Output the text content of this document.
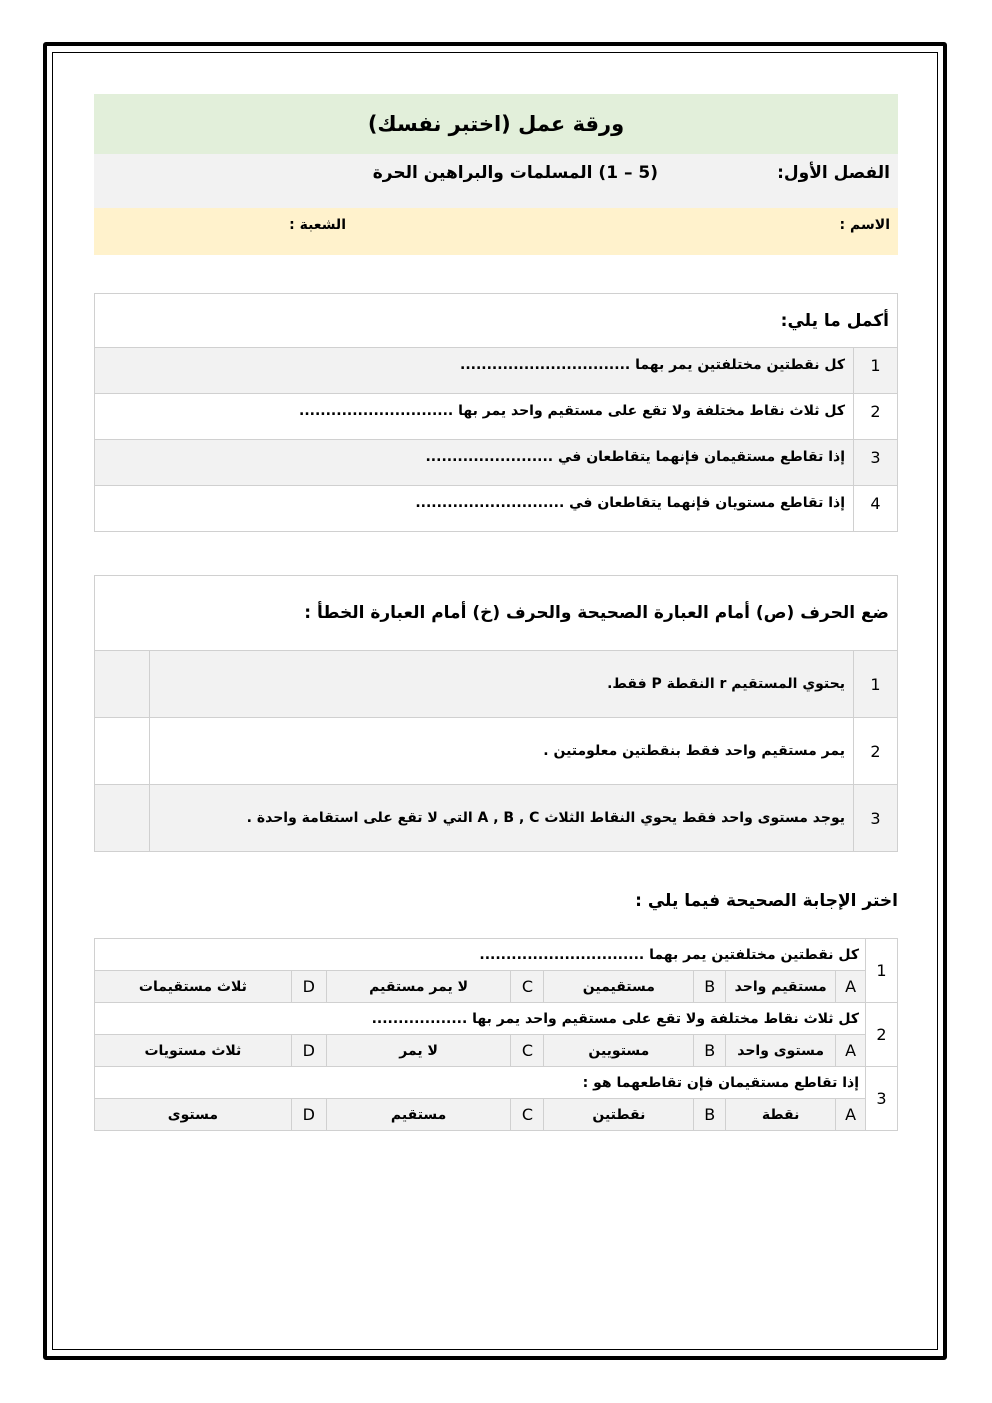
ورقة عمل (اختبر نفسك)
الفصل الأول:
(5 – 1) المسلمات والبراهين الحرة
الاسم :
الشعبة :
أكمل ما يلي:	
1	كل نقطتين مختلفتين يمر بهما ................................
2	كل ثلاث نقاط مختلفة ولا تقع على مستقيم واحد يمر بها .............................
3	إذا تقاطع مستقيمان فإنهما يتقاطعان في ........................
4	إذا تقاطع مستويان فإنهما يتقاطعان في ............................
ضع الحرف (ص) أمام العبارة الصحيحة والحرف (خ) أمام العبارة الخطأ :		
1	يحتوي المستقيم r النقطة P فقط.	
2	يمر مستقيم واحد فقط بنقطتين معلومتين .	
3	يوجد مستوى واحد فقط يحوي النقاط الثلاث A , B , C التي لا تقع على استقامة واحدة .	
اختر الإجابة الصحيحة فيما يلي :
1	كل نقطتين مختلفتين يمر بهما ...............................							
	A	مستقيم واحد	B	مستقيمين	C	لا يمر مستقيم	D	ثلاث مستقيمات
2	كل ثلاث نقاط مختلفة ولا تقع على مستقيم واحد يمر بها ..................							
	A	مستوى واحد	B	مستويين	C	لا يمر	D	ثلاث مستويات
3	إذا تقاطع مستقيمان فإن تقاطعهما هو :							
	A	نقطة	B	نقطتين	C	مستقيم	D	مستوى
